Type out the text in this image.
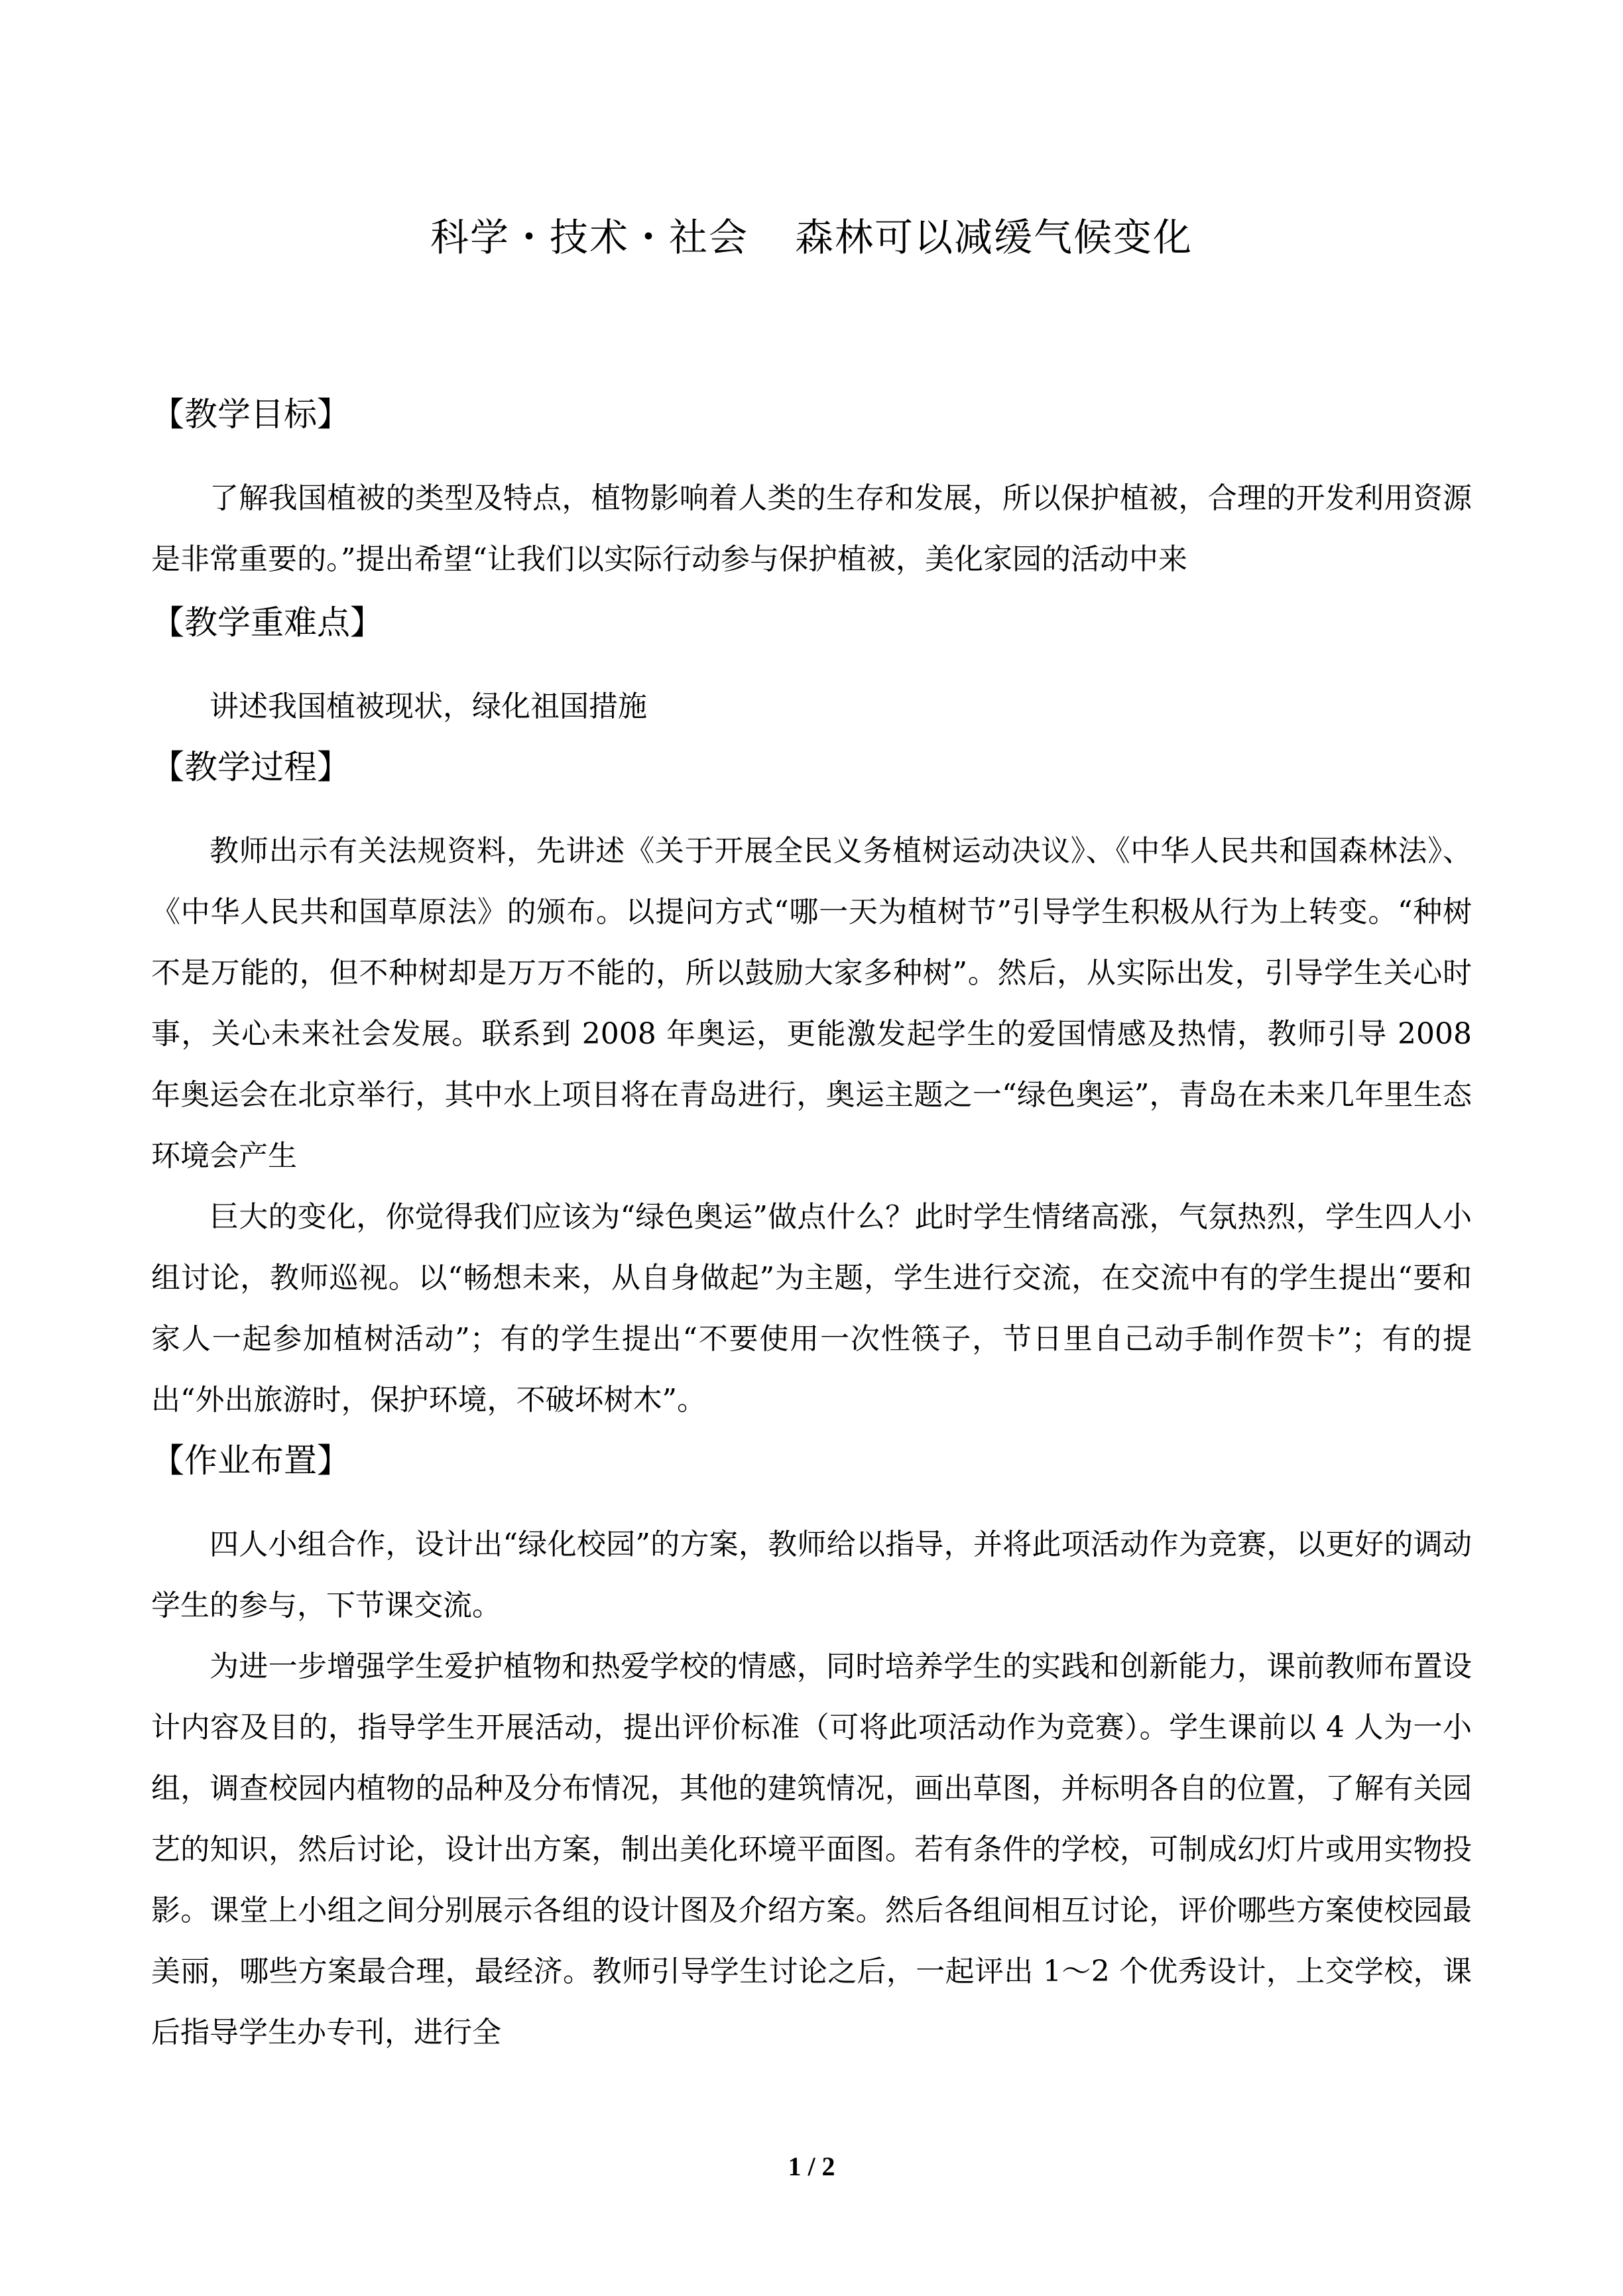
科学・技术・社会 森林可以减缓气候变化

【教学目标】

了解我国植被的类型及特点，植物影响着人类的生存和发展，所以保护植被，合理的开发利用资源是非常重要的。”提出希望“让我们以实际行动参与保护植被，美化家园的活动中来

【教学重难点】

讲述我国植被现状，绿化祖国措施

【教学过程】

教师出示有关法规资料，先讲述《关于开展全民义务植树运动决议》、《中华人民共和国森林法》、《中华人民共和国草原法》的颁布。以提问方式“哪一天为植树节”引导学生积极从行为上转变。“种树不是万能的，但不种树却是万万不能的，所以鼓励大家多种树”。然后，从实际出发，引导学生关心时事，关心未来社会发展。联系到 2008 年奥运，更能激发起学生的爱国情感及热情，教师引导 2008 年奥运会在北京举行，其中水上项目将在青岛进行，奥运主题之一“绿色奥运”，青岛在未来几年里生态环境会产生

巨大的变化，你觉得我们应该为“绿色奥运”做点什么？此时学生情绪高涨，气氛热烈，学生四人小组讨论，教师巡视。以“畅想未来，从自身做起”为主题，学生进行交流，在交流中有的学生提出“要和家人一起参加植树活动”；有的学生提出“不要使用一次性筷子，节日里自己动手制作贺卡”；有的提出“外出旅游时，保护环境，不破坏树木”。

【作业布置】

四人小组合作，设计出“绿化校园”的方案，教师给以指导，并将此项活动作为竞赛，以更好的调动学生的参与，下节课交流。

为进一步增强学生爱护植物和热爱学校的情感，同时培养学生的实践和创新能力，课前教师布置设计内容及目的，指导学生开展活动，提出评价标准（可将此项活动作为竞赛）。学生课前以 4 人为一小组，调查校园内植物的品种及分布情况，其他的建筑情况，画出草图，并标明各自的位置，了解有关园艺的知识，然后讨论，设计出方案，制出美化环境平面图。若有条件的学校，可制成幻灯片或用实物投影。课堂上小组之间分别展示各组的设计图及介绍方案。然后各组间相互讨论，评价哪些方案使校园最美丽，哪些方案最合理，最经济。教师引导学生讨论之后，一起评出 1～2 个优秀设计，上交学校，课后指导学生办专刊，进行全

1 / 2
